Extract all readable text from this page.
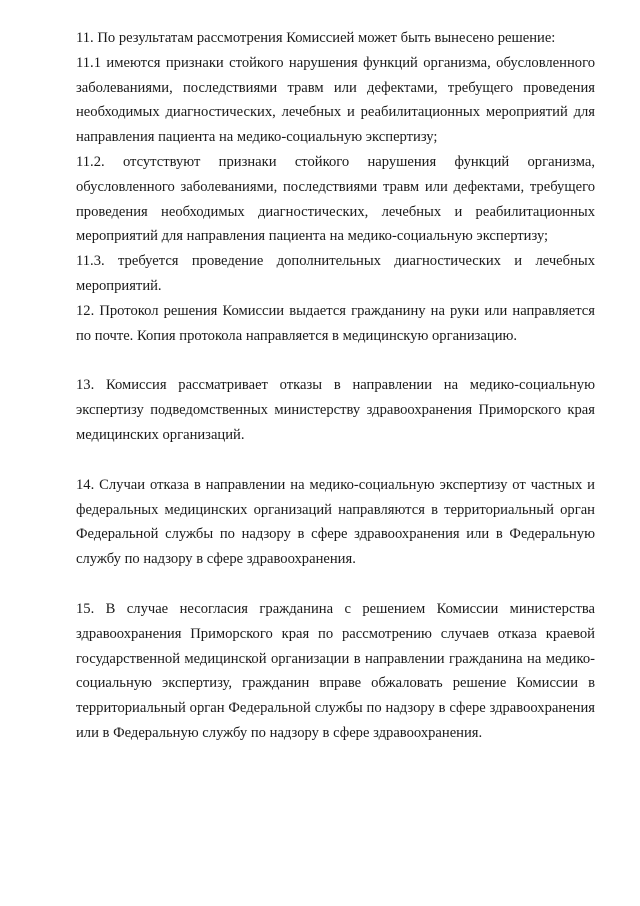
11. По результатам рассмотрения Комиссией может быть вынесено решение:

11.1 имеются признаки стойкого нарушения функций организма, обусловленного заболеваниями, последствиями травм или дефектами, требущего проведения необходимых диагностических, лечебных и реабилитационных мероприятий для направления пациента на медико-социальную экспертизу;

11.2. отсутствуют признаки стойкого нарушения функций организма, обусловленного заболеваниями, последствиями травм или дефектами, требущего проведения необходимых диагностических, лечебных и реабилитационных мероприятий для направления пациента на медико-социальную экспертизу;

11.3. требуется проведение дополнительных диагностических и лечебных мероприятий.

12. Протокол решения Комиссии выдается гражданину на руки или направляется по почте. Копия протокола направляется в медицинскую организацию.

13. Комиссия рассматривает отказы в направлении на медико-социальную экспертизу подведомственных министерству здравоохранения Приморского края медицинских организаций.

14. Случаи отказа в направлении на медико-социальную экспертизу от частных и федеральных медицинских организаций направляются в территориальный орган Федеральной службы по надзору в сфере здравоохранения или в Федеральную службу по надзору в сфере здравоохранения.

15. В случае несогласия гражданина с решением Комиссии министерства здравоохранения Приморского края по рассмотрению случаев отказа краевой государственной медицинской организации в направлении гражданина на медико-социальную экспертизу, гражданин вправе обжаловать решение Комиссии в территориальный орган Федеральной службы по надзору в сфере здравоохранения или в Федеральную службу по надзору в сфере здравоохранения.
